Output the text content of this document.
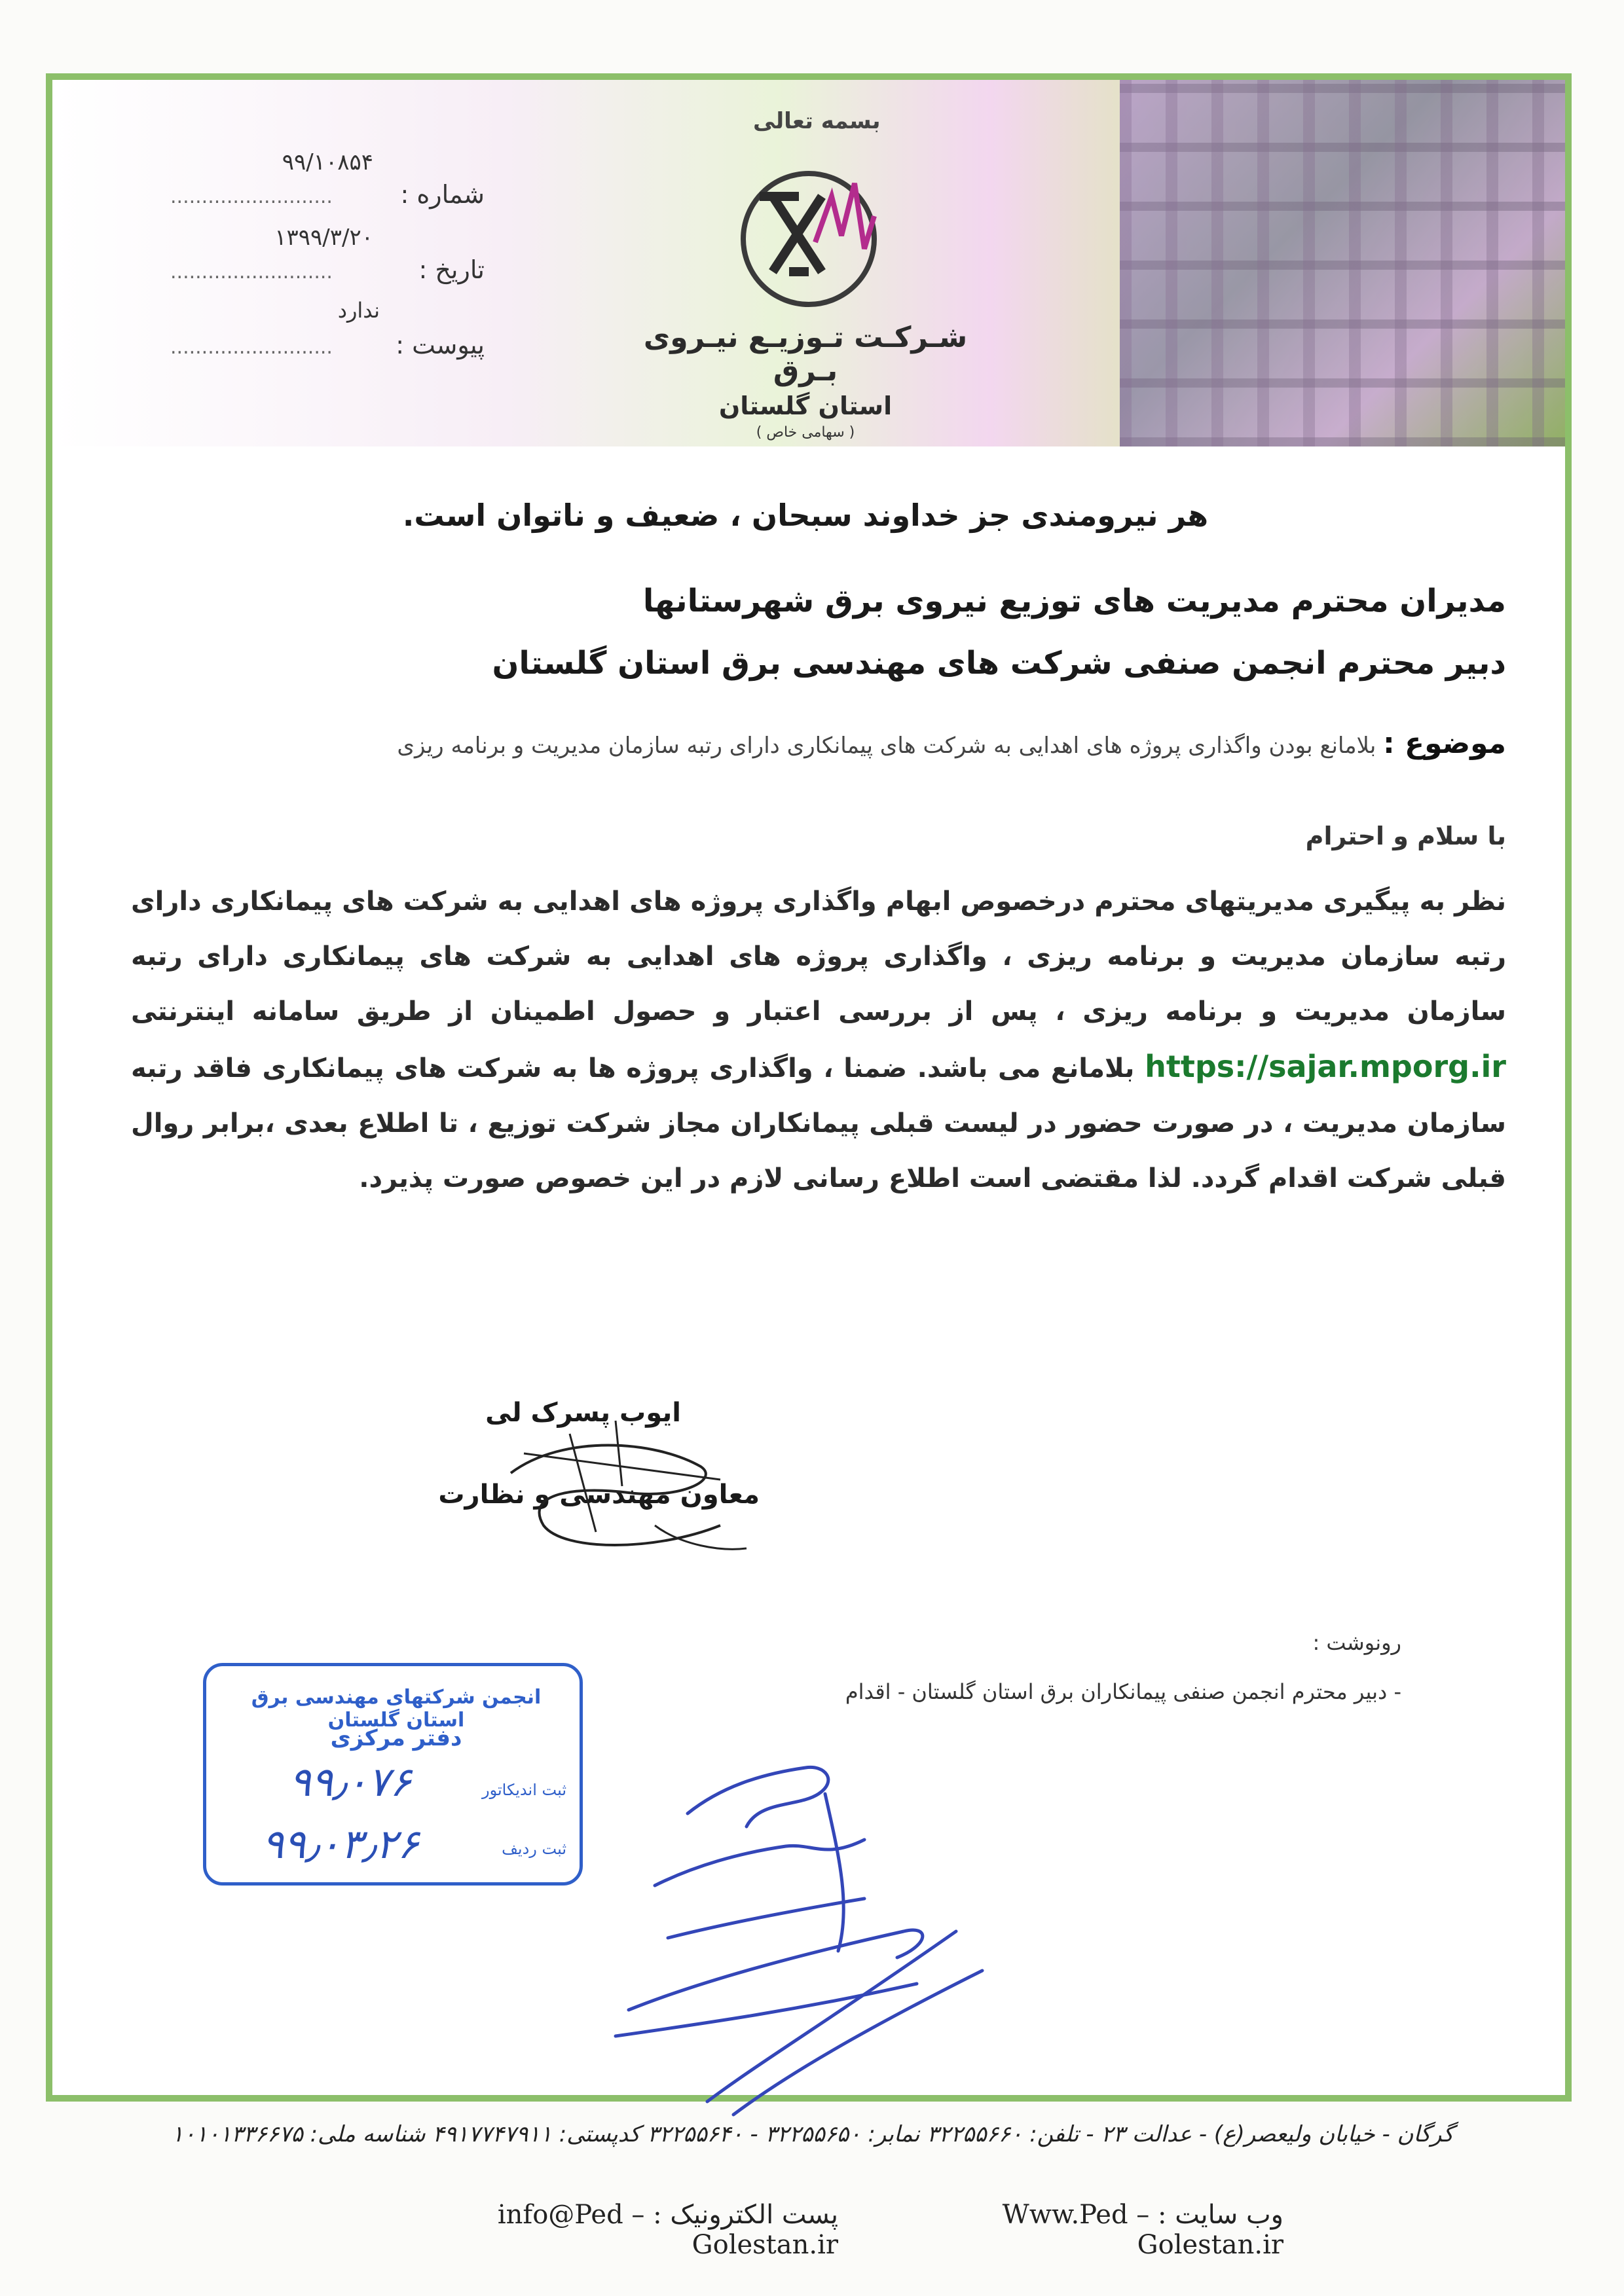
شماره :
..........................
۹۹/۱۰۸۵۴
تاریخ :
..........................
۱۳۹۹/۳/۲۰
ندارد
پیوست :
..........................
بسمه تعالی
شـرکـت تـوزیـع نیـروی بـرق
استان گلستان
( سهامی خاص )
هر نیرومندی جز خداوند سبحان ، ضعیف و ناتوان است.
مدیران محترم مدیریت های توزیع نیروی برق شهرستانها
دبیر محترم انجمن صنفی شرکت های مهندسی برق استان گلستان
موضوع : بلامانع بودن واگذاری پروژه های اهدایی به شرکت های پیمانکاری دارای رتبه سازمان مدیریت و برنامه ریزی
با سلام و احترام
نظر به پیگیری مدیریتهای محترم درخصوص ابهام واگذاری پروژه های اهدایی به شرکت های پیمانکاری دارای رتبه سازمان مدیریت و برنامه ریزی ، واگذاری پروژه های اهدایی به شرکت های پیمانکاری دارای رتبه سازمان مدیریت و برنامه ریزی ، پس از بررسی اعتبار و حصول اطمینان از طریق سامانه اینترنتی https://sajar.mporg.ir بلامانع می باشد. ضمنا ، واگذاری پروژه ها به شرکت های پیمانکاری فاقد رتبه سازمان مدیریت ، در صورت حضور در لیست قبلی پیمانکاران مجاز شرکت توزیع ، تا اطلاع بعدی ،برابر روال قبلی شرکت اقدام گردد. لذا مقتضی است اطلاع رسانی لازم در این خصوص صورت پذیرد.
ایوب پسرک لی
معاون مهندسی و نظارت
رونوشت :
- دبیر محترم انجمن صنفی پیمانکاران برق استان گلستان - اقدام
انجمن شرکتهای مهندسی برق استان گلستان
دفتر مرکزی
ثبت اندیکاتور
۹۹٫۰۷۶
ثبت ردیف
۹۹٫۰۳٫۲۶
گرگان - خیابان ولیعصر(ع) - عدالت ۲۳ - تلفن: ۳۲۲۵۵۶۶۰ نمابر: ۳۲۲۵۵۶۵۰ - ۳۲۲۵۵۶۴۰ کدپستی: ۴۹۱۷۷۴۷۹۱۱ شناسه ملی: ۱۰۱۰۱۳۳۶۶۷۵
وب سایت : Www.Ped – Golestan.ir
پست الکترونیک : info@Ped – Golestan.ir
